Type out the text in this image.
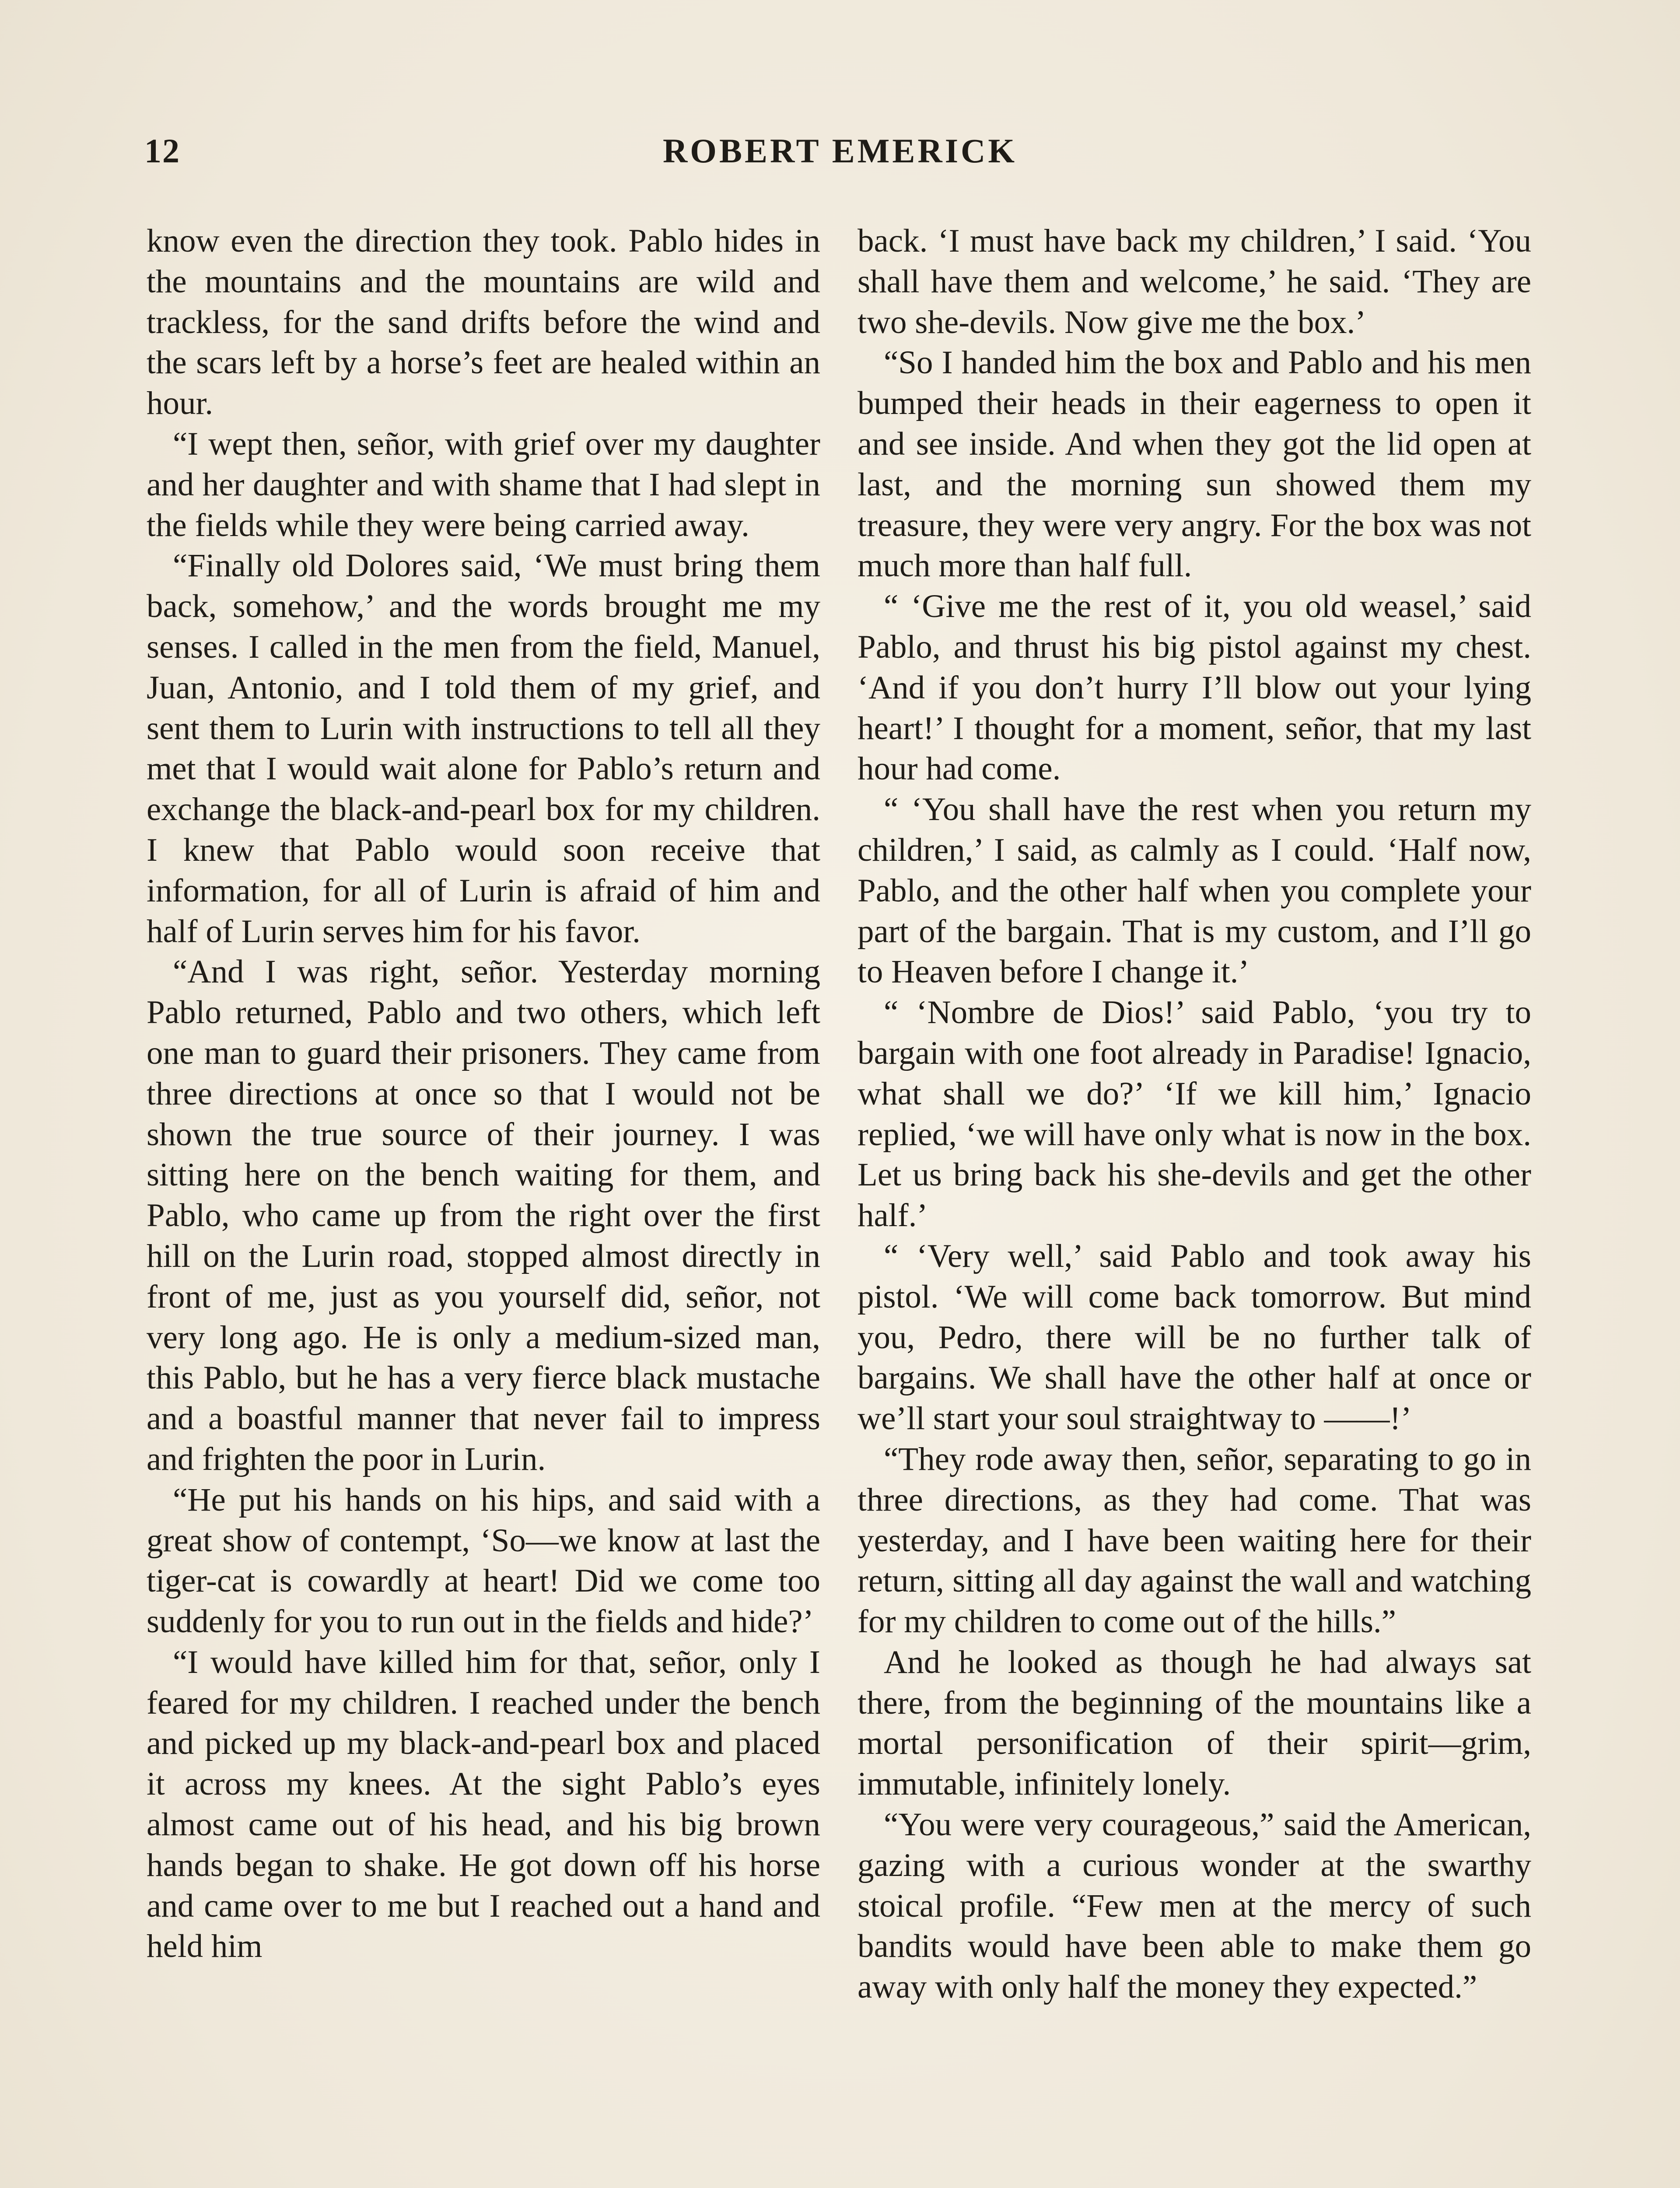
12	ROBERT EMERICK

know even the direction they took. Pablo hides in the mountains and the mountains are wild and trackless, for the sand drifts before the wind and the scars left by a horse’s feet are healed within an hour.

“I wept then, señor, with grief over my daughter and her daughter and with shame that I had slept in the fields while they were being carried away.

“Finally old Dolores said, ‘We must bring them back, somehow,’ and the words brought me my senses. I called in the men from the field, Manuel, Juan, Antonio, and I told them of my grief, and sent them to Lurin with instructions to tell all they met that I would wait alone for Pablo’s return and exchange the black-and-pearl box for my children. I knew that Pablo would soon receive that information, for all of Lurin is afraid of him and half of Lurin serves him for his favor.

“And I was right, señor. Yesterday morning Pablo returned, Pablo and two others, which left one man to guard their prisoners. They came from three directions at once so that I would not be shown the true source of their journey. I was sitting here on the bench waiting for them, and Pablo, who came up from the right over the first hill on the Lurin road, stopped almost directly in front of me, just as you yourself did, señor, not very long ago. He is only a medium-sized man, this Pablo, but he has a very fierce black mustache and a boastful manner that never fail to impress and frighten the poor in Lurin.

“He put his hands on his hips, and said with a great show of contempt, ‘So—we know at last the tiger-cat is cowardly at heart! Did we come too suddenly for you to run out in the fields and hide?’

“I would have killed him for that, señor, only I feared for my children. I reached under the bench and picked up my black-and-pearl box and placed it across my knees. At the sight Pablo’s eyes almost came out of his head, and his big brown hands began to shake. He got down off his horse and came over to me but I reached out a hand and held him

back. ‘I must have back my children,’ I said. ‘You shall have them and welcome,’ he said. ‘They are two she-devils. Now give me the box.’

“So I handed him the box and Pablo and his men bumped their heads in their eagerness to open it and see inside. And when they got the lid open at last, and the morning sun showed them my treasure, they were very angry. For the box was not much more than half full.

“ ‘Give me the rest of it, you old weasel,’ said Pablo, and thrust his big pistol against my chest. ‘And if you don’t hurry I’ll blow out your lying heart!’ I thought for a moment, señor, that my last hour had come.

“ ‘You shall have the rest when you return my children,’ I said, as calmly as I could. ‘Half now, Pablo, and the other half when you complete your part of the bargain. That is my custom, and I’ll go to Heaven before I change it.’

“ ‘Nombre de Dios!’ said Pablo, ‘you try to bargain with one foot already in Paradise! Ignacio, what shall we do?’ ‘If we kill him,’ Ignacio replied, ‘we will have only what is now in the box. Let us bring back his she-devils and get the other half.’

“ ‘Very well,’ said Pablo and took away his pistol. ‘We will come back tomorrow. But mind you, Pedro, there will be no further talk of bargains. We shall have the other half at once or we’ll start your soul straightway to ——!’

“They rode away then, señor, separating to go in three directions, as they had come. That was yesterday, and I have been waiting here for their return, sitting all day against the wall and watching for my children to come out of the hills.”

And he looked as though he had always sat there, from the beginning of the mountains like a mortal personification of their spirit—grim, immutable, infinitely lonely.

“You were very courageous,” said the American, gazing with a curious wonder at the swarthy stoical profile. “Few men at the mercy of such bandits would have been able to make them go away with only half the money they expected.”
